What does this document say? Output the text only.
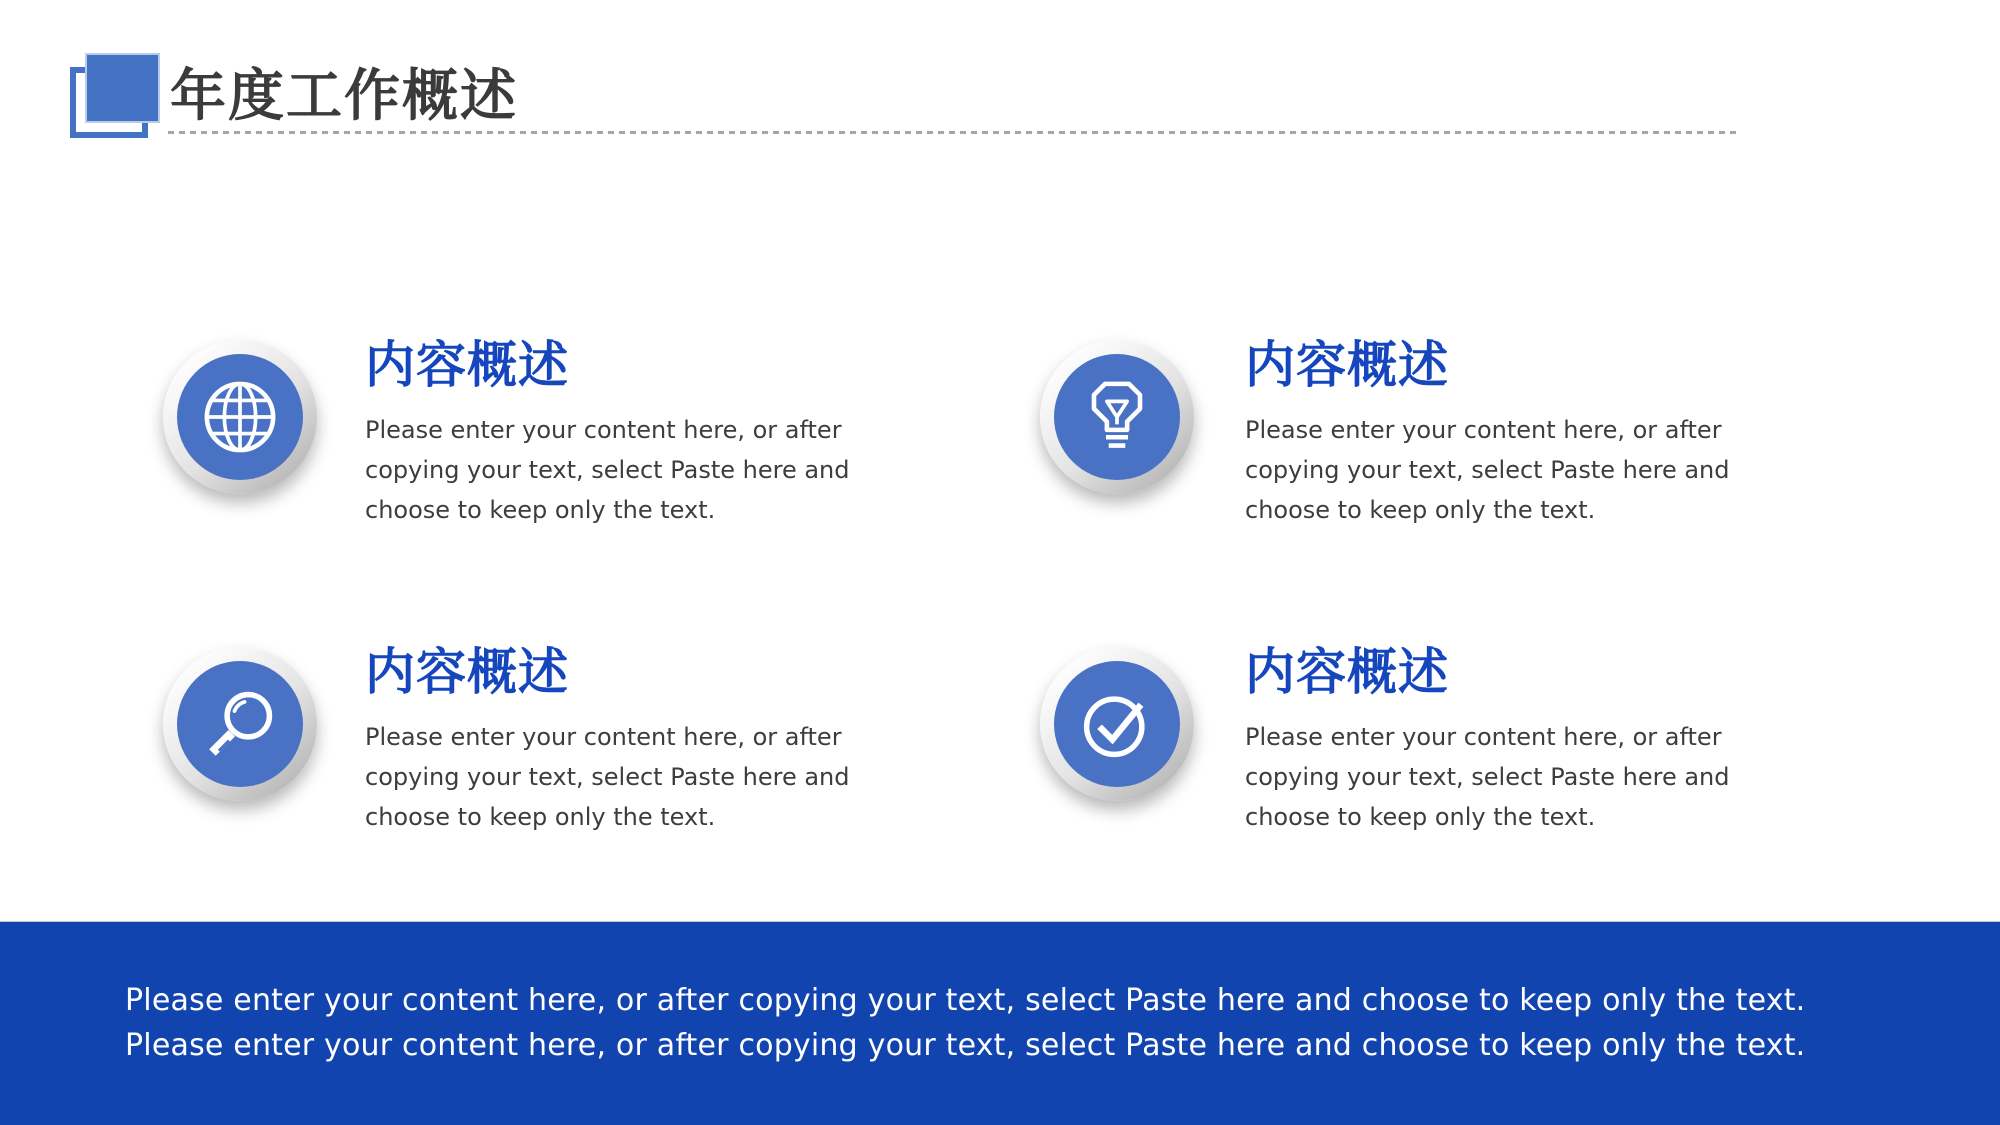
年度工作概述
内容概述
Please enter your content here, or after copying your text, select Paste here and choose to keep only the text.
内容概述
Please enter your content here, or after copying your text, select Paste here and choose to keep only the text.
内容概述
Please enter your content here, or after copying your text, select Paste here and choose to keep only the text.
内容概述
Please enter your content here, or after copying your text, select Paste here and choose to keep only the text.
Please enter your content here, or after copying your text, select Paste here and choose to keep only the text.
Please enter your content here, or after copying your text, select Paste here and choose to keep only the text.
